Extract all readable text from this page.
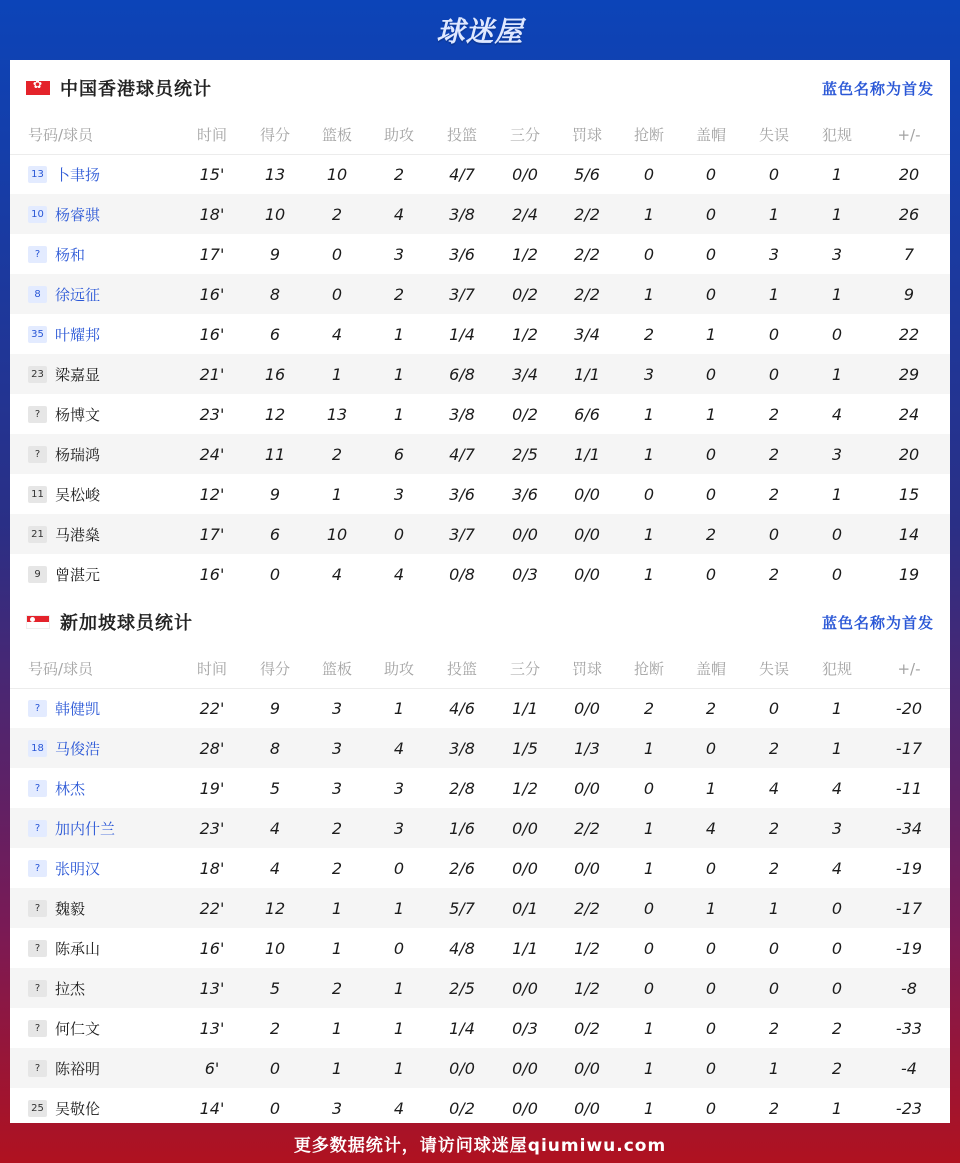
球迷屋
✿
中国香港球员统计	蓝色名称为首发
号码/球员	时间	得分	篮板	助攻	投篮	三分	罚球	抢断	盖帽	失误	犯规	+/-
13 卜聿扬	15'	13	10	2	4/7	0/0	5/6	0	0	0	1	20
10 杨睿骐	18'	10	2	4	3/8	2/4	2/2	1	0	1	1	26
? 杨和	17'	9	0	3	3/6	1/2	2/2	0	0	3	3	7
8 徐远征	16'	8	0	2	3/7	0/2	2/2	1	0	1	1	9
35 叶耀邦	16'	6	4	1	1/4	1/2	3/4	2	1	0	0	22
23 梁嘉显	21'	16	1	1	6/8	3/4	1/1	3	0	0	1	29
? 杨博文	23'	12	13	1	3/8	0/2	6/6	1	1	2	4	24
? 杨瑞鸿	24'	11	2	6	4/7	2/5	1/1	1	0	2	3	20
11 吴松峻	12'	9	1	3	3/6	3/6	0/0	0	0	2	1	15
21 马港燊	17'	6	10	0	3/7	0/0	0/0	1	2	0	0	14
9 曾湛元	16'	0	4	4	0/8	0/3	0/0	1	0	2	0	19
新加坡球员统计	蓝色名称为首发
号码/球员	时间	得分	篮板	助攻	投篮	三分	罚球	抢断	盖帽	失误	犯规	+/-
? 韩健凯	22'	9	3	1	4/6	1/1	0/0	2	2	0	1	-20
18 马俊浩	28'	8	3	4	3/8	1/5	1/3	1	0	2	1	-17
? 林杰	19'	5	3	3	2/8	1/2	0/0	0	1	4	4	-11
? 加内什兰	23'	4	2	3	1/6	0/0	2/2	1	4	2	3	-34
? 张明汉	18'	4	2	0	2/6	0/0	0/0	1	0	2	4	-19
? 魏毅	22'	12	1	1	5/7	0/1	2/2	0	1	1	0	-17
? 陈承山	16'	10	1	0	4/8	1/1	1/2	0	0	0	0	-19
? 拉杰	13'	5	2	1	2/5	0/0	1/2	0	0	0	0	-8
? 何仁文	13'	2	1	1	1/4	0/3	0/2	1	0	2	2	-33
? 陈裕明	6'	0	1	1	0/0	0/0	0/0	1	0	1	2	-4
25 吴敬伦	14'	0	3	4	0/2	0/0	0/0	1	0	2	1	-23
更多数据统计，请访问球迷屋qiumiwu.com
